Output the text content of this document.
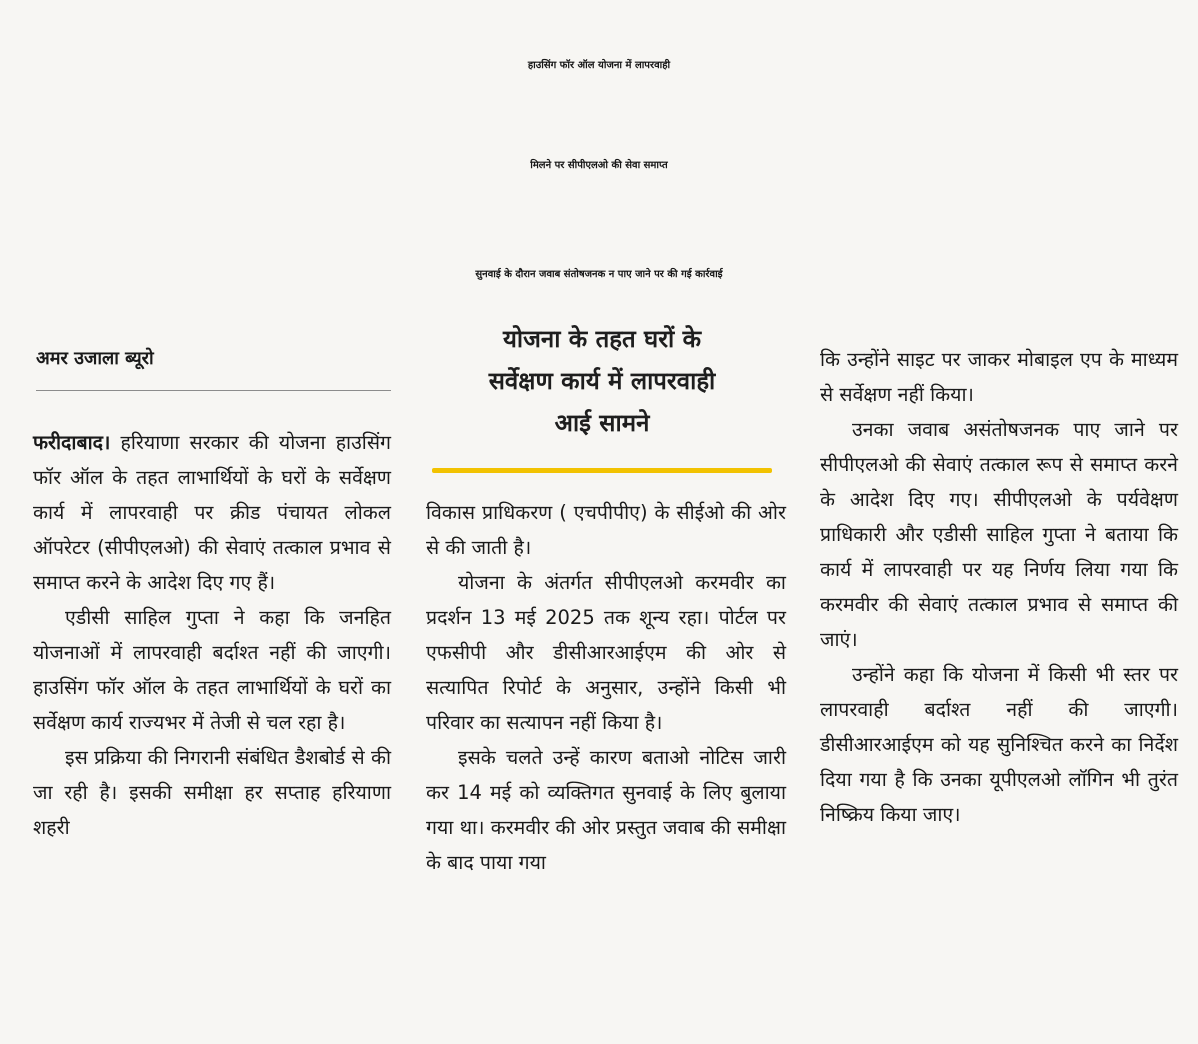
हाउसिंग फॉर ऑल योजना में लापरवाही
मिलने पर सीपीएलओ की सेवा समाप्त
सुनवाई के दौरान जवाब संतोषजनक न पाए जाने पर की गई कार्रवाई
अमर उजाला ब्यूरो

फरीदाबाद। हरियाणा सरकार की योजना हाउसिंग फॉर ऑल के तहत लाभार्थियों के घरों के सर्वेक्षण कार्य में लापरवाही पर क्रीड पंचायत लोकल ऑपरेटर (सीपीएलओ) की सेवाएं तत्काल प्रभाव से समाप्त करने के आदेश दिए गए हैं।

एडीसी साहिल गुप्ता ने कहा कि जनहित योजनाओं में लापरवाही बर्दाश्त नहीं की जाएगी। हाउसिंग फॉर ऑल के तहत लाभार्थियों के घरों का सर्वेक्षण कार्य राज्यभर में तेजी से चल रहा है।

इस प्रक्रिया की निगरानी संबंधित डैशबोर्ड से की जा रही है। इसकी समीक्षा हर सप्ताह हरियाणा शहरी

योजना के तहत घरों के
सर्वेक्षण कार्य में लापरवाही
आई सामने

विकास प्राधिकरण ( एचपीपीए) के सीईओ की ओर से की जाती है।

योजना के अंतर्गत सीपीएलओ करमवीर का प्रदर्शन 13 मई 2025 तक शून्य रहा। पोर्टल पर एफसीपी और डीसीआरआईएम की ओर से सत्यापित रिपोर्ट के अनुसार, उन्होंने किसी भी परिवार का सत्यापन नहीं किया है।

इसके चलते उन्हें कारण बताओ नोटिस जारी कर 14 मई को व्यक्तिगत सुनवाई के लिए बुलाया गया था। करमवीर की ओर प्रस्तुत जवाब की समीक्षा के बाद पाया गया

कि उन्होंने साइट पर जाकर मोबाइल एप के माध्यम से सर्वेक्षण नहीं किया।

उनका जवाब असंतोषजनक पाए जाने पर सीपीएलओ की सेवाएं तत्काल रूप से समाप्त करने के आदेश दिए गए। सीपीएलओ के पर्यवेक्षण प्राधिकारी और एडीसी साहिल गुप्ता ने बताया कि कार्य में लापरवाही पर यह निर्णय लिया गया कि करमवीर की सेवाएं तत्काल प्रभाव से समाप्त की जाएं।

उन्होंने कहा कि योजना में किसी भी स्तर पर लापरवाही बर्दाश्त नहीं की जाएगी। डीसीआरआईएम को यह सुनिश्चित करने का निर्देश दिया गया है कि उनका यूपीएलओ लॉगिन भी तुरंत निष्क्रिय किया जाए।
